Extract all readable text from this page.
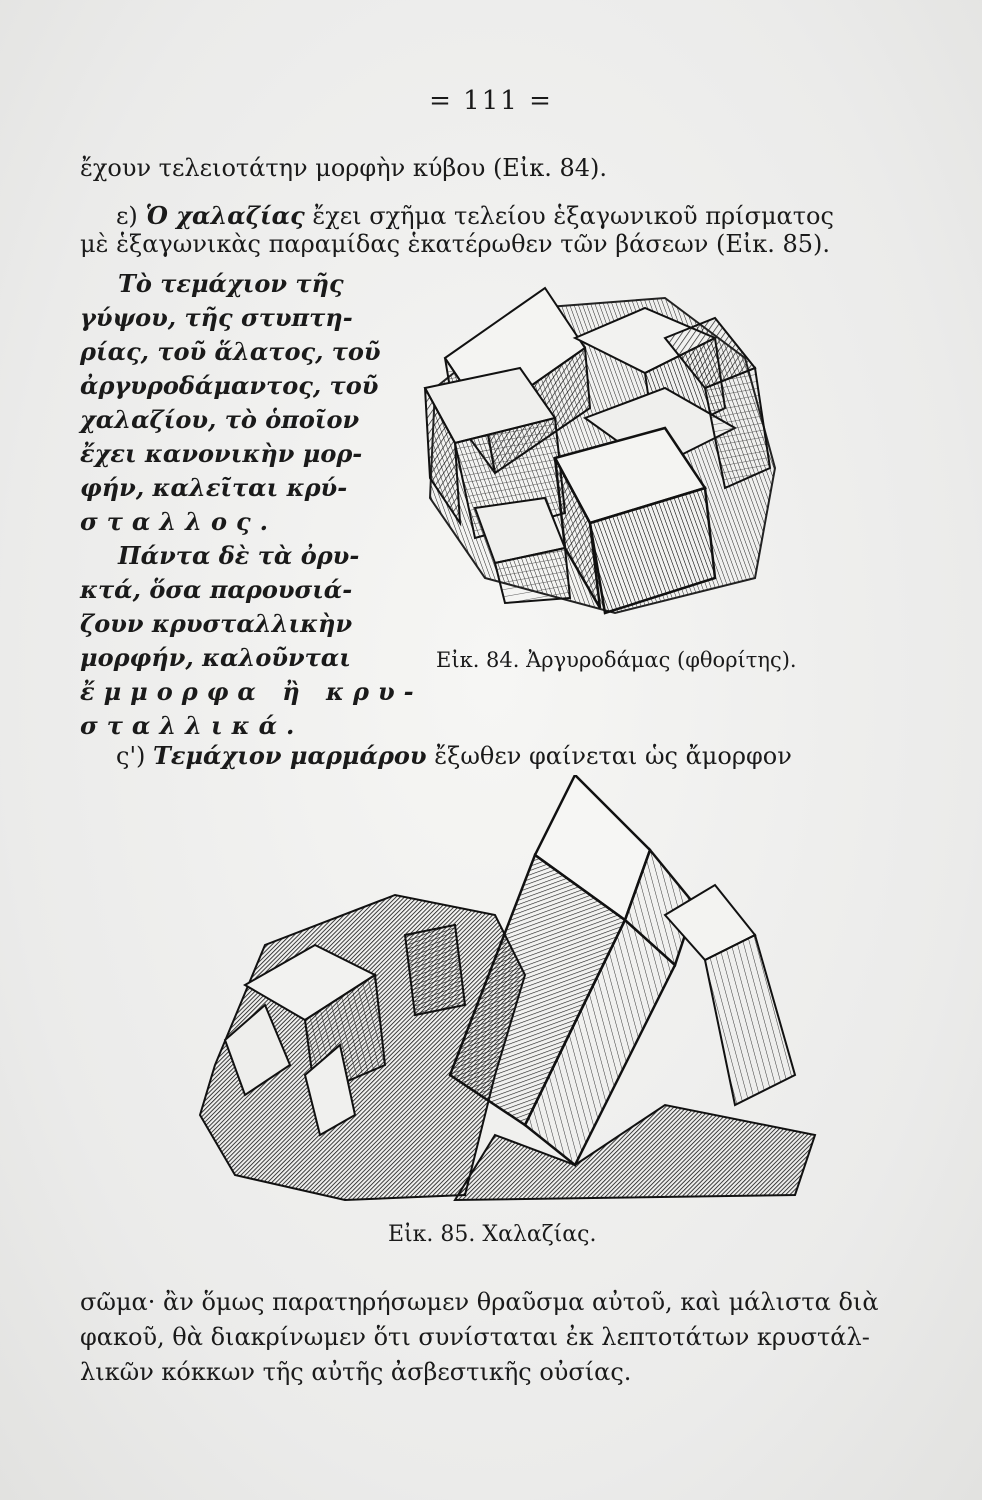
= 111 =
ἔχουν τελειοτάτην μορφὴν κύβου (Εἰκ. 84).
ε) Ὁ χαλαζίας ἔχει σχῆμα τελείου ἑξαγωνικοῦ πρίσματος
μὲ ἑξαγωνικὰς παραμίδας ἑκατέρωθεν τῶν βάσεων (Εἰκ. 85).
Τὸ τεμάχιον τῆς
γύψου, τῆς στυπτη-
ρίας, τοῦ ἅλατος, τοῦ
ἀργυροδάμαντος, τοῦ
χαλαζίου, τὸ ὁποῖον
ἔχει κανονικὴν μορ-
φήν, καλεῖται κρύ-
σταλλος.
Πάντα δὲ τὰ ὀρυ-
κτά, ὅσα παρουσιά-
ζουν κρυσταλλικὴν
μορφήν, καλοῦνται
ἔμμορφα ἢ κρυ-
σταλλικά.
Εἰκ. 84. Ἀργυροδάμας (φθορίτης).
ς') Τεμάχιον μαρμάρου ἔξωθεν φαίνεται ὡς ἄμορφον
Εἰκ. 85. Χαλαζίας.
σῶμα· ἂν ὅμως παρατηρήσωμεν θραῦσμα αὐτοῦ, καὶ μάλιστα διὰ
φακοῦ, θὰ διακρίνωμεν ὅτι συνίσταται ἐκ λεπτοτάτων κρυστάλ-
λικῶν κόκκων τῆς αὐτῆς ἀσβεστικῆς οὐσίας.
